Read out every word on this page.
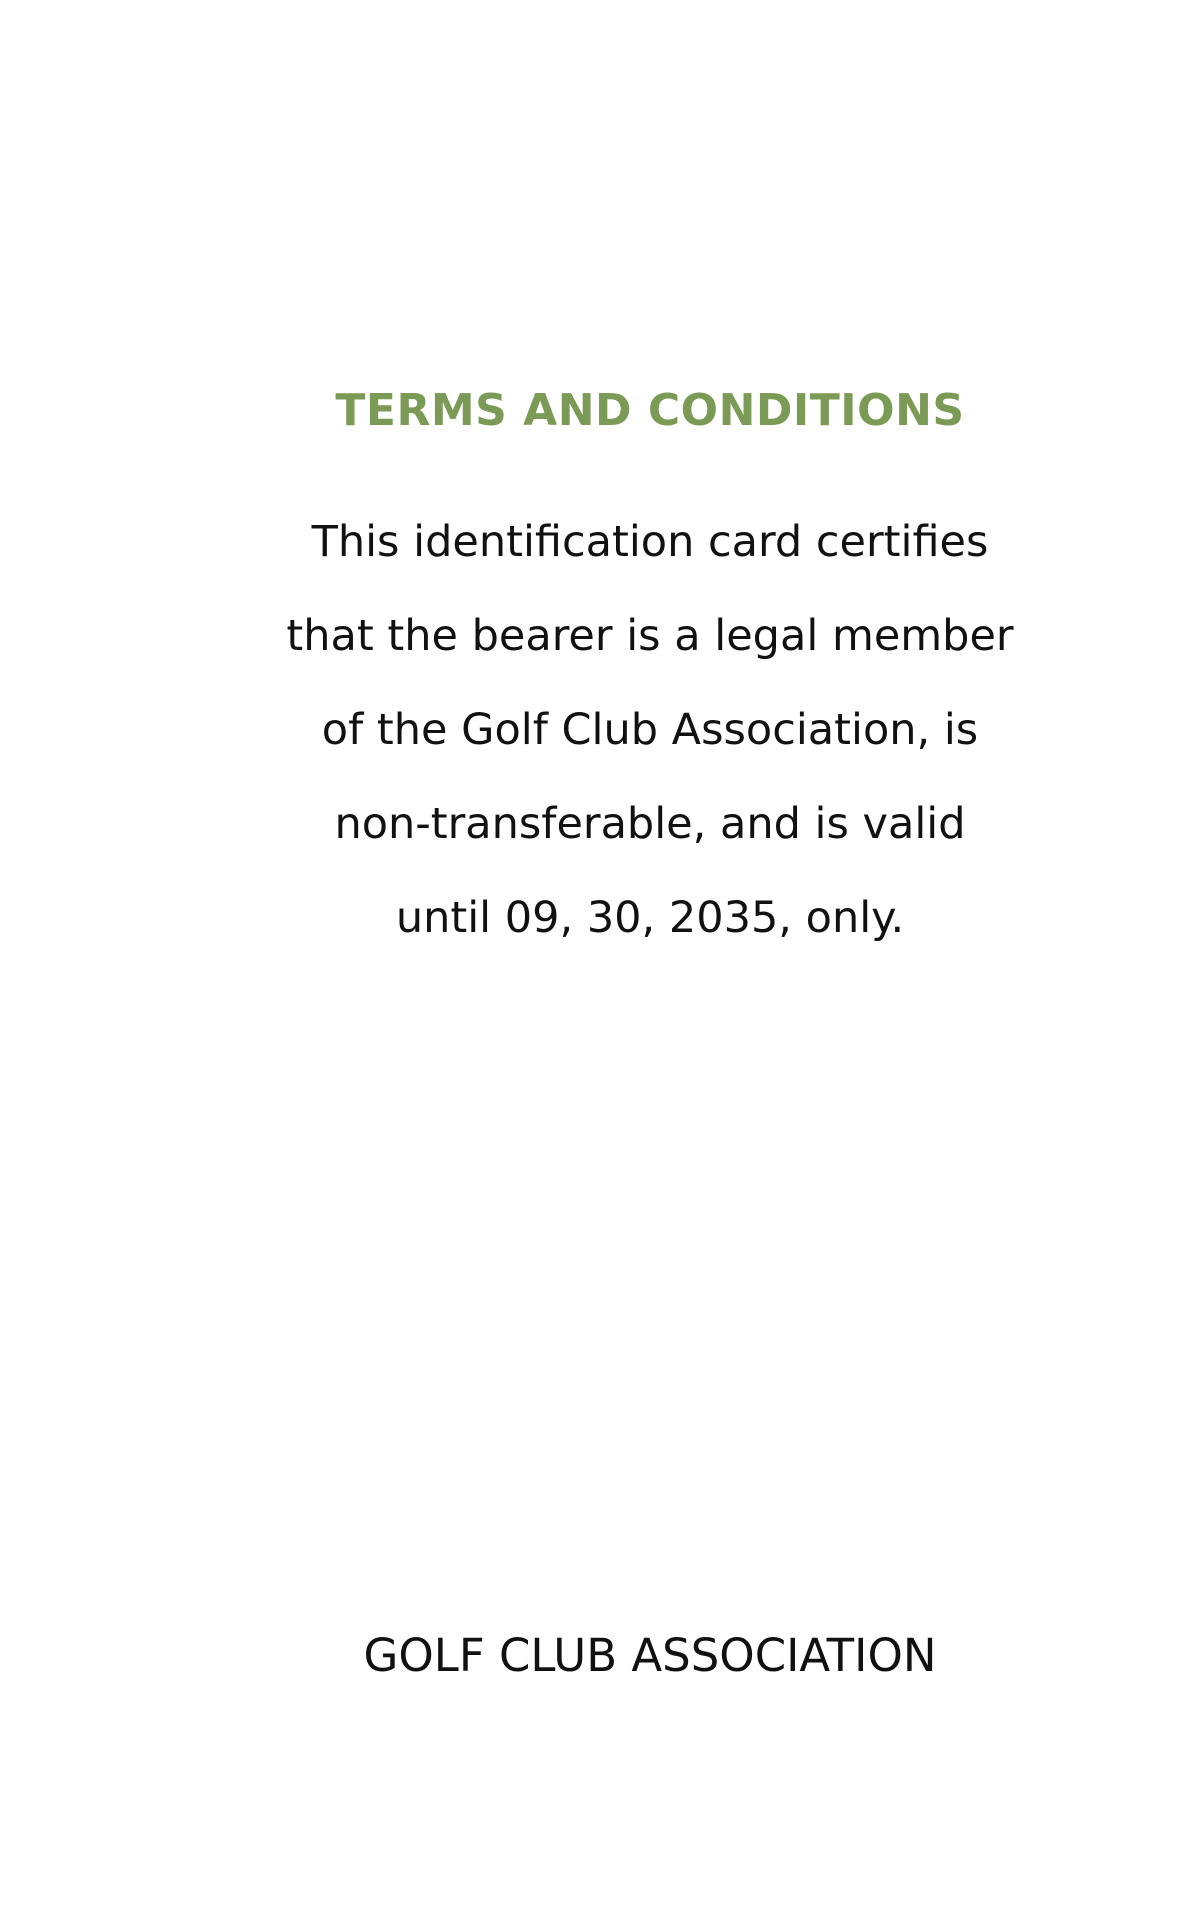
TERMS AND CONDITIONS

This identification card certifies
that the bearer is a legal member
of the Golf Club Association, is
non-transferable, and is valid
until 09, 30, 2035, only.

GOLF CLUB ASSOCIATION
